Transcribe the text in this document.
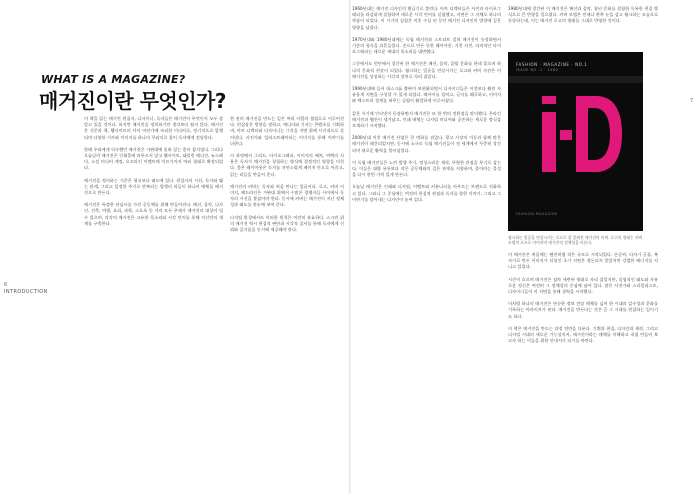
6
7
INTRODUCTION
WHAT IS A MAGAZINE?
매거진이란 무엇인가?

이 책을 읽는 매거진 편집자, 디자이너, 독자들은 매거진이 무엇인지 모두 잘 알고 있을 것이다. 하지만 매거진을 정의하기란 생각보다 쉽지 않다. 매거진은 신문과 책, 웹사이트의 사이 어딘가에 자리한 미디어로, 정기적으로 발행되며 다양한 기사와 이미지를 하나의 꾸러미로 묶어 독자에게 전달한다.

한때 우리에게 익숙했던 매거진은 가판대에 꽂혀 있는 종이 잡지였다. 그러나 오늘날의 매거진은 인쇄물에 머무르지 않고 웹사이트, 태블릿 에디션, 뉴스레터, 소셜 미디어 계정, 오프라인 이벤트에 이르기까지 여러 형태로 확장되었다.

매거진을 정의하는 기준은 형식보다 태도에 있다. 편집자의 시선, 독자와 맺는 관계, 그리고 일정한 주기로 반복되는 발행의 리듬이 하나의 매체를 매거진으로 만든다.

매거진은 특정한 관심사를 가진 공동체를 위해 만들어진다. 패션, 음악, 디자인, 건축, 여행, 요리, 과학, 스포츠 등 거의 모든 주제가 매거진의 대상이 될 수 있으며, 각각의 매거진은 고유한 목소리와 시각 언어를 통해 자신만의 세계를 구축한다.

한 권의 매거진을 만드는 일은 여러 사람의 협업으로 이루어진다. 편집장은 방향을 정하고, 에디터와 기자는 콘텐츠를 기획하며, 아트 디렉터와 디자이너는 그것을 지면 위에 시각적으로 풀어낸다. 사진가와 일러스트레이터는 이미지를 통해 이야기를 더한다.

이 과정에서 그리드, 타이포그래피, 이미지의 배치, 여백의 사용은 독자가 매거진을 경험하는 방식에 결정적인 영향을 미친다. 좋은 레이아웃은 독자를 자연스럽게 페이지 안으로 이끌고, 읽는 리듬을 만들어 준다.

매거진의 커버는 독자와 처음 만나는 얼굴이다. 로고, 커버 이미지, 헤드라인은 가판대 위에서 수많은 경쟁자들 사이에서 독자의 시선을 붙잡아야 한다. 동시에 커버는 매거진이 지닌 정체성과 태도를 한눈에 보여 준다.

디지털 환경에서도 이러한 원칙은 여전히 유효하다. 스크린 위의 매거진 역시 편집적 판단과 시각적 질서를 통해 독자에게 신뢰와 즐거움을 동시에 제공해야 한다.

1960년대는 매거진 디자인의 황금기로 불린다. 아트 디렉터들은 사진과 타이포그래피를 과감하게 결합하며 새로운 시각 언어를 실험했고, 지면은 그 자체로 하나의 작품이 되었다. 이 시기의 실험은 이후 수십 년 동안 매거진 디자인의 방향에 깊은 영향을 남겼다.

1970년대와 1980년대에는 독립 매거진과 스트리트 컬처 매거진이 등장하면서 기존의 형식을 뒤흔들었다. 손으로 만든 듯한 레이아웃, 거친 사진, 파격적인 타이포그래피는 새로운 세대의 목소리를 대변했다.

그중에서도 런던에서 창간된 한 매거진은 패션, 음악, 클럽 문화를 한데 묶으며 하나의 문화적 현상이 되었다. 윙크하는 얼굴을 연상시키는 로고와 커버 사진은 이 매거진을 상징하는 시각적 장치로 자리 잡았다.

1990년대에 들어 데스크톱 출판이 보편화되면서 디자이너들은 이전보다 훨씬 자유롭게 지면을 구성할 수 있게 되었다. 레이어를 겹치고, 글자를 왜곡하고, 이미지와 텍스트의 경계를 허무는 실험이 활발하게 이루어졌다.

같은 시기에 인터넷이 등장하면서 매거진은 또 한 번의 전환점을 맞이했다. 온라인 매거진과 웹진이 생겨났고, 인쇄 매체는 디지털 미디어와 공존하는 새로운 방식을 모색하기 시작했다.

2000년대 이후 매거진 산업은 큰 변화를 겪었다. 광고 시장의 이동과 함께 많은 매거진이 폐간되었지만, 동시에 소규모 독립 매거진들이 전 세계에서 꾸준히 창간되며 새로운 활력을 불어넣었다.

이 독립 매거진들은 느린 발행 주기, 정성스러운 제작, 뚜렷한 관점을 무기로 삼는다. 이들은 대량 유통보다 작은 공동체와의 깊은 관계를 지향하며, 종이라는 물성을 다시 한번 가치 있게 만든다.

오늘날 매거진은 인쇄와 디지털, 이벤트와 커뮤니티를 아우르는 브랜드로 진화하고 있다. 그러나 그 중심에는 여전히 편집적 관점과 독자를 향한 이야기, 그리고 그 이야기를 담아내는 디자인이 놓여 있다.

1980년대에 창간된 이 매거진은 패션과 음악, 청년 문화를 결합한 독특한 편집 방식으로 큰 반향을 일으켰다. 커버 모델은 언제나 한쪽 눈을 감고 윙크하는 모습으로 등장하는데, 이는 매거진 로고의 형태를 그대로 반영한 것이다.

FASHION · MAGAZINE · NO.1
ISSUE NO. 1 · 1980
FASHION MAGAZINE
윙크하는 얼굴을 연상시키는 로고로 잘 알려진 매거진의 커버. 로고의 형태는 커버 모델의 포즈로 이어지며 매거진의 정체성을 이룬다.

이 매거진은 처음에는 팬진처럼 작은 규모로 시작되었다. 손글씨, 타자기 글꼴, 복사기로 만든 이미지가 뒤섞인 초기 지면은 정돈되지 않았지만 강렬한 에너지를 지니고 있었다.

시간이 흐르며 매거진은 점차 세련된 형태로 자리 잡았지만, 실험적인 태도와 자유로운 정신은 여전히 그 정체성의 중심에 남아 있다. 많은 사진가와 스타일리스트, 디자이너들이 이 지면을 통해 경력을 시작했다.

이처럼 하나의 매거진은 단순한 정보 전달 매체를 넘어 한 시대의 감수성과 문화를 기록하는 아카이브가 된다. 매거진을 만든다는 것은 곧 그 시대를 편집하는 일이기도 하다.

이 책은 매거진을 만드는 과정 전반을 다룬다. 기획과 편집, 디자인과 제작, 그리고 디지털 시대의 새로운 가능성까지, 매거진이라는 매체를 이해하고 직접 만들어 보고자 하는 이들을 위한 안내서가 되기를 바란다.
